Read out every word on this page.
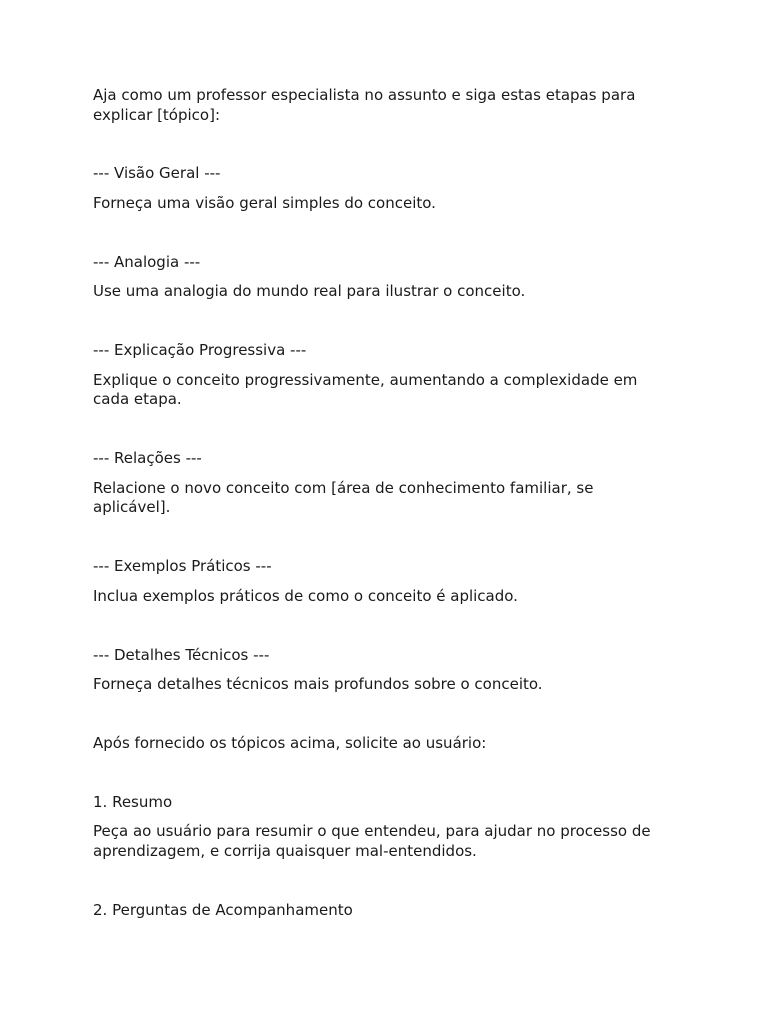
Aja como um professor especialista no assunto e siga estas etapas para
explicar [tópico]:
--- Visão Geral ---
Forneça uma visão geral simples do conceito.
--- Analogia ---
Use uma analogia do mundo real para ilustrar o conceito.
--- Explicação Progressiva ---
Explique o conceito progressivamente, aumentando a complexidade em
cada etapa.
--- Relações ---
Relacione o novo conceito com [área de conhecimento familiar, se
aplicável].
--- Exemplos Práticos ---
Inclua exemplos práticos de como o conceito é aplicado.
--- Detalhes Técnicos ---
Forneça detalhes técnicos mais profundos sobre o conceito.
Após fornecido os tópicos acima, solicite ao usuário:
1. Resumo
Peça ao usuário para resumir o que entendeu, para ajudar no processo de
aprendizagem, e corrija quaisquer mal-entendidos.
2. Perguntas de Acompanhamento
